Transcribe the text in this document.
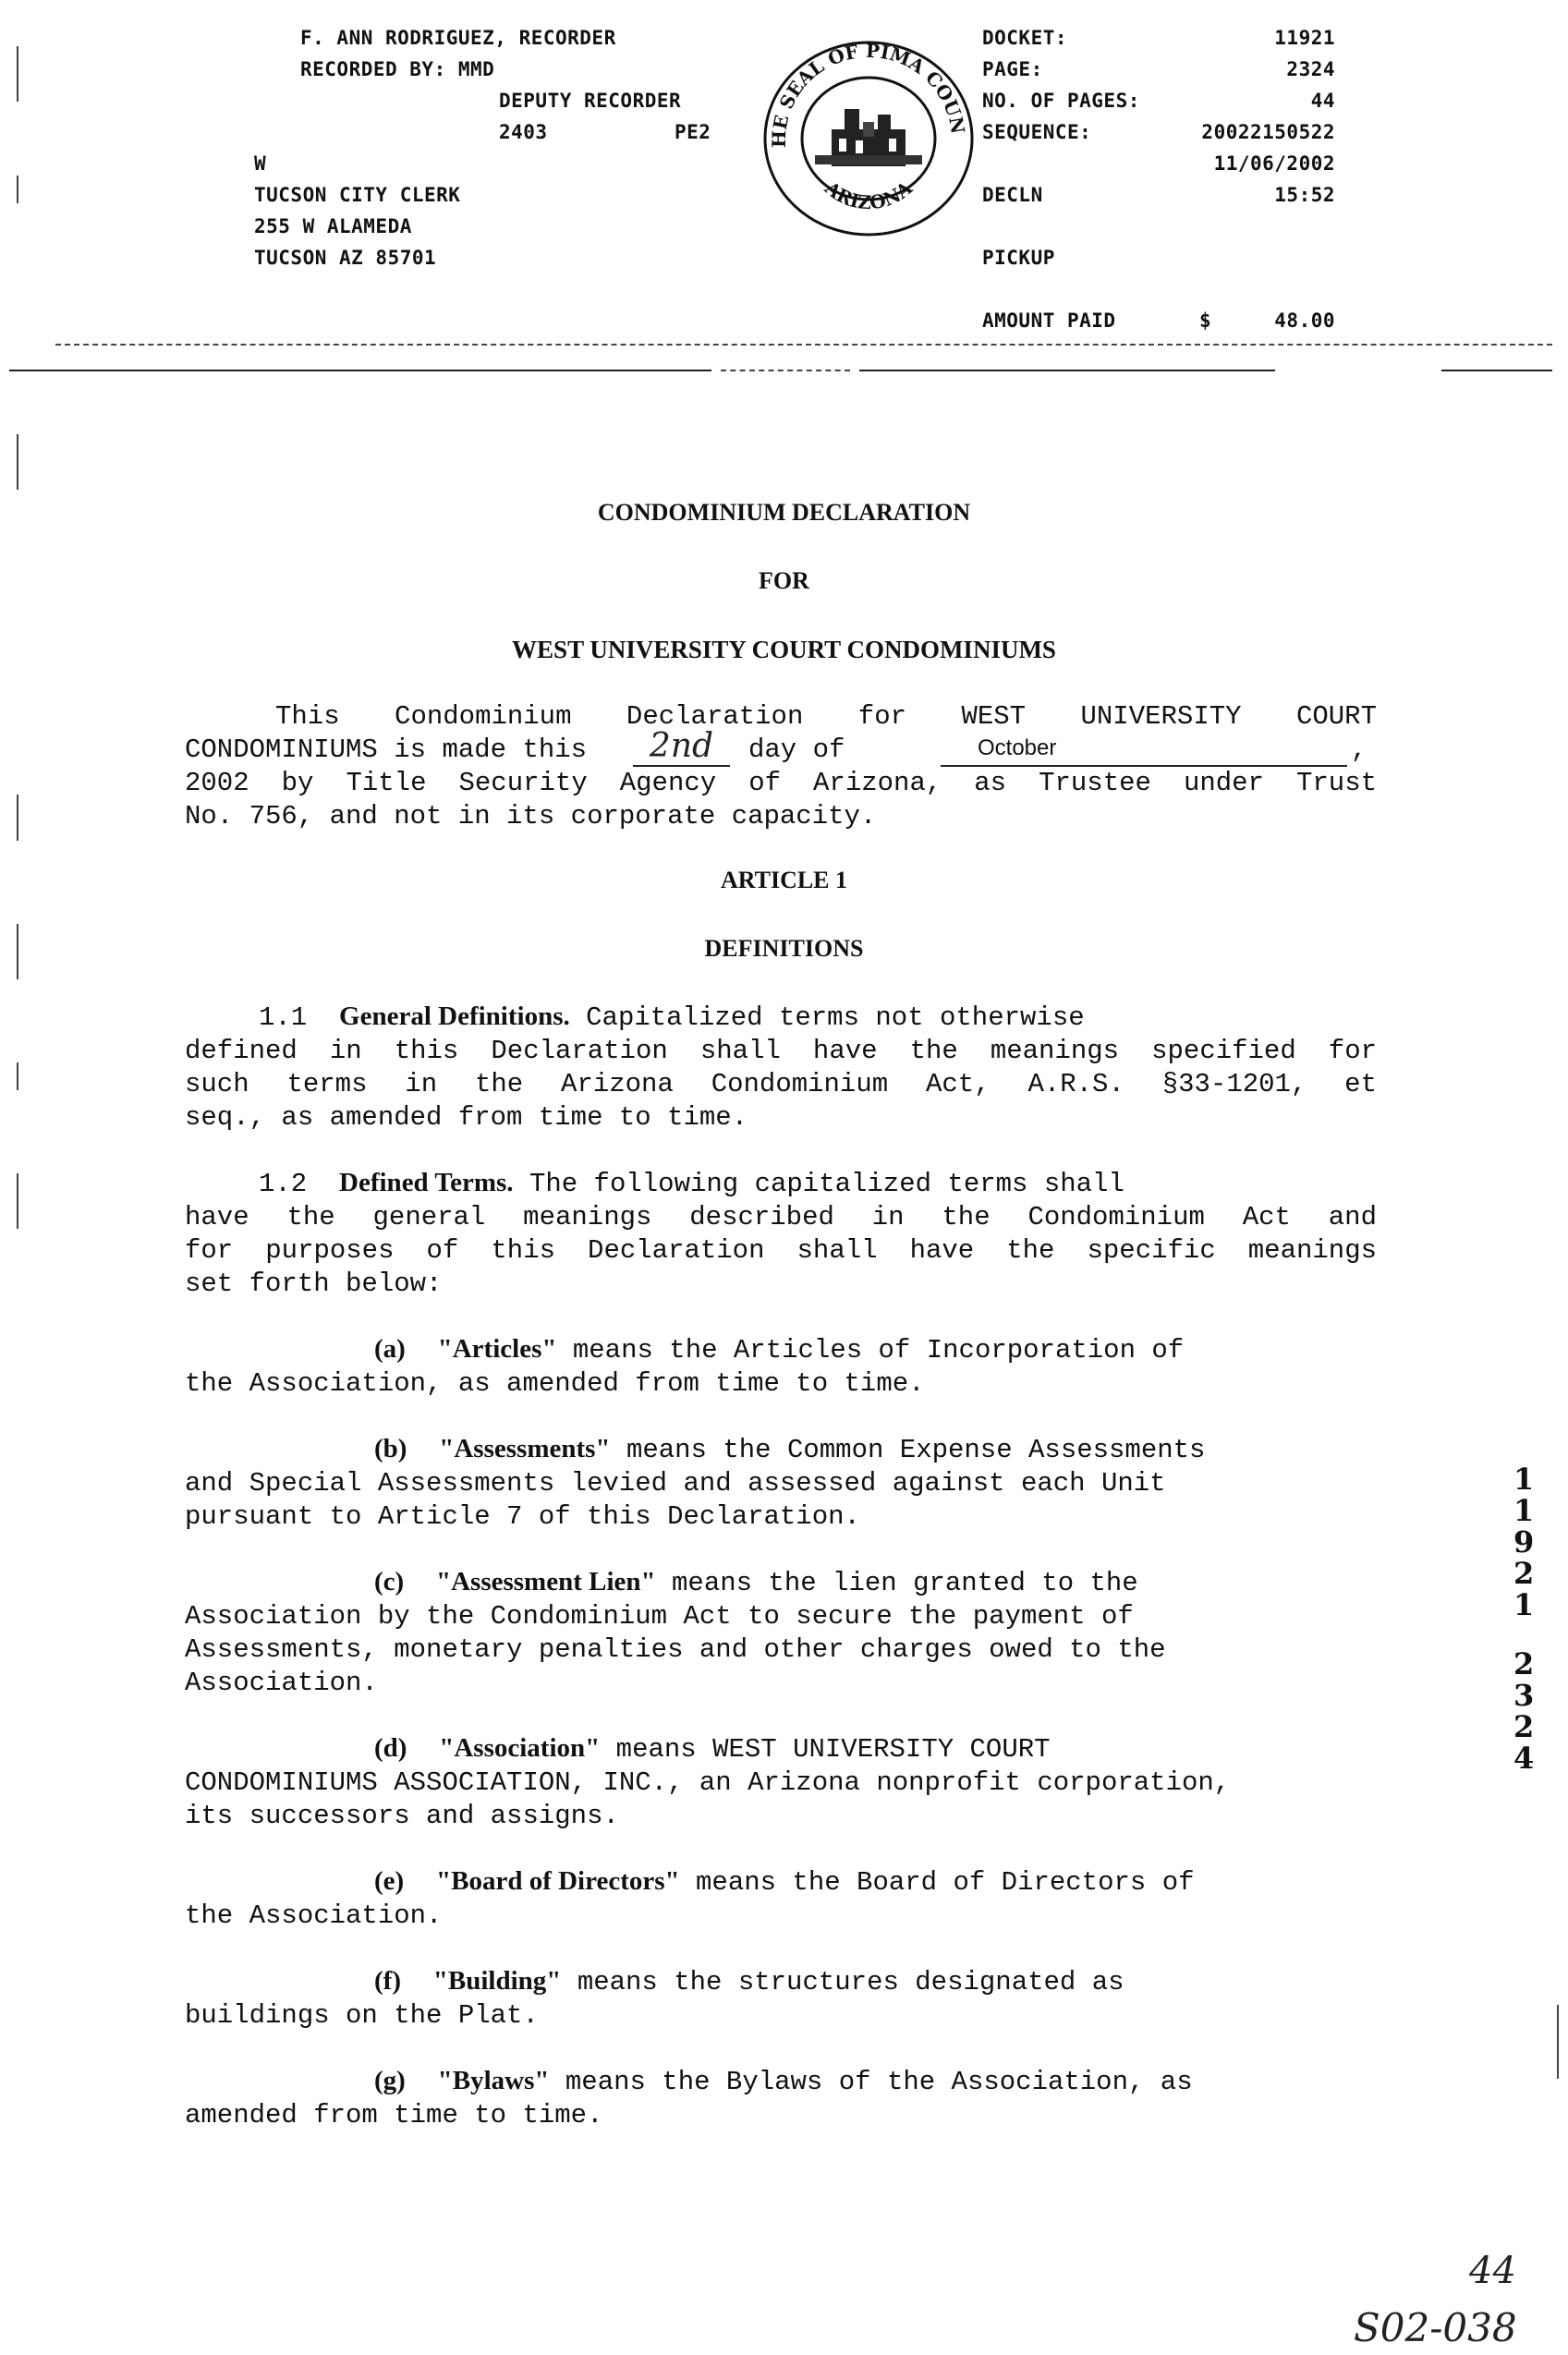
F. ANN RODRIGUEZ, RECORDER
RECORDED BY: MMD
DEPUTY RECORDER
2403	PE2
W
TUCSON CITY CLERK
255 W ALAMEDA
TUCSON AZ 85701
HE SEAL OF PIMA COUN
ARIZONA
DOCKET:	11921
PAGE:	2324
NO. OF PAGES:	44
SEQUENCE:	20022150522
11/06/2002
DECLN	15:52
PICKUP
AMOUNT PAID	$	48.00
CONDOMINIUM DECLARATION
FOR
WEST UNIVERSITY COURT CONDOMINIUMS

This Condominium Declaration for WEST UNIVERSITY COURT

CONDOMINIUMS is made this	2nd	day of	October	,

2002 by Title Security Agency of Arizona, as Trustee under Trust

No. 756, and not in its corporate capacity.

ARTICLE 1
DEFINITIONS

1.1 General Definitions. Capitalized terms not otherwise

defined in this Declaration shall have the meanings specified for

such terms in the Arizona Condominium Act, A.R.S. §33-1201, et

seq., as amended from time to time.

1.2 Defined Terms. The following capitalized terms shall

have the general meanings described in the Condominium Act and

for purposes of this Declaration shall have the specific meanings

set forth below:

(a) "Articles" means the Articles of Incorporation of

the Association, as amended from time to time.

(b) "Assessments" means the Common Expense Assessments

and Special Assessments levied and assessed against each Unit

pursuant to Article 7 of this Declaration.

(c) "Assessment Lien" means the lien granted to the

Association by the Condominium Act to secure the payment of

Assessments, monetary penalties and other charges owed to the

Association.

(d) "Association" means WEST UNIVERSITY COURT

CONDOMINIUMS ASSOCIATION, INC., an Arizona nonprofit corporation,

its successors and assigns.

(e) "Board of Directors" means the Board of Directors of

the Association.

(f) "Building" means the structures designated as

buildings on the Plat.

(g) "Bylaws" means the Bylaws of the Association, as

amended from time to time.

1
1
9
2
1
2
3
2
4
44
S02-038
